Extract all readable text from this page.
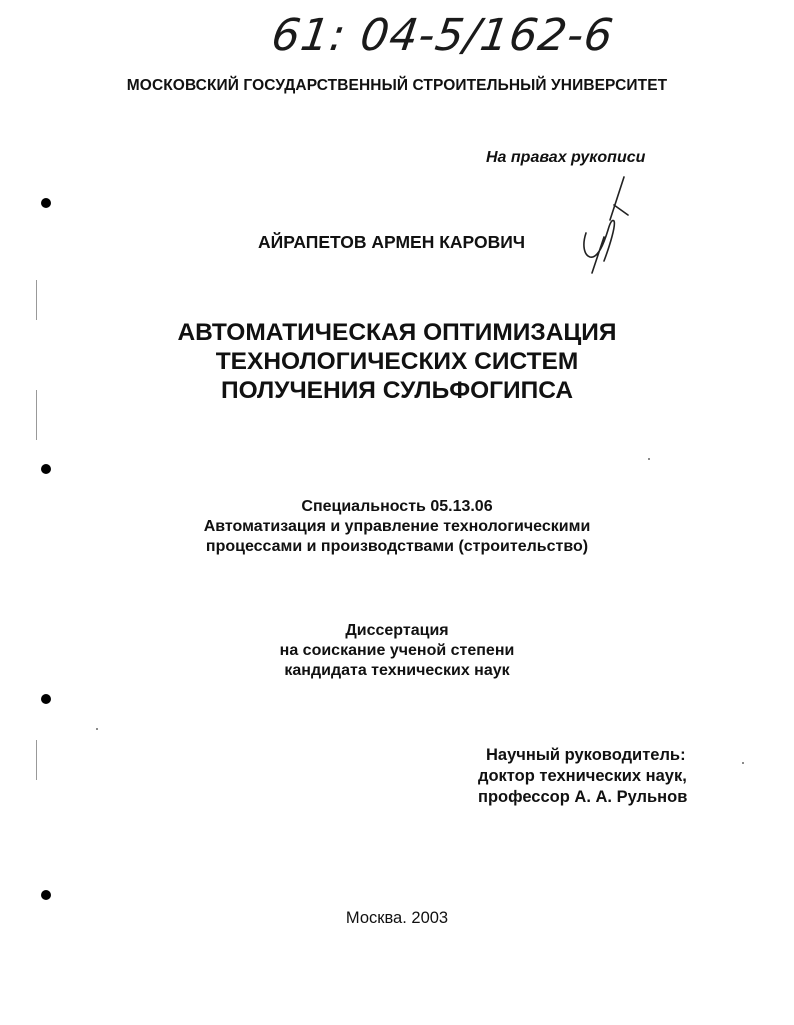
61: 04-5/162-6
МОСКОВСКИЙ ГОСУДАРСТВЕННЫЙ СТРОИТЕЛЬНЫЙ УНИВЕРСИТЕТ
На правах рукописи
АЙРАПЕТОВ АРМЕН КАРОВИЧ
АВТОМАТИЧЕСКАЯ ОПТИМИЗАЦИЯ
ТЕХНОЛОГИЧЕСКИХ СИСТЕМ
ПОЛУЧЕНИЯ СУЛЬФОГИПСА
Специальность 05.13.06
Автоматизация и управление технологическими
процессами и производствами (строительство)
Диссертация
на соискание ученой степени
кандидата технических наук
Научный руководитель:
доктор технических наук,
профессор А. А. Рульнов
Москва. 2003
